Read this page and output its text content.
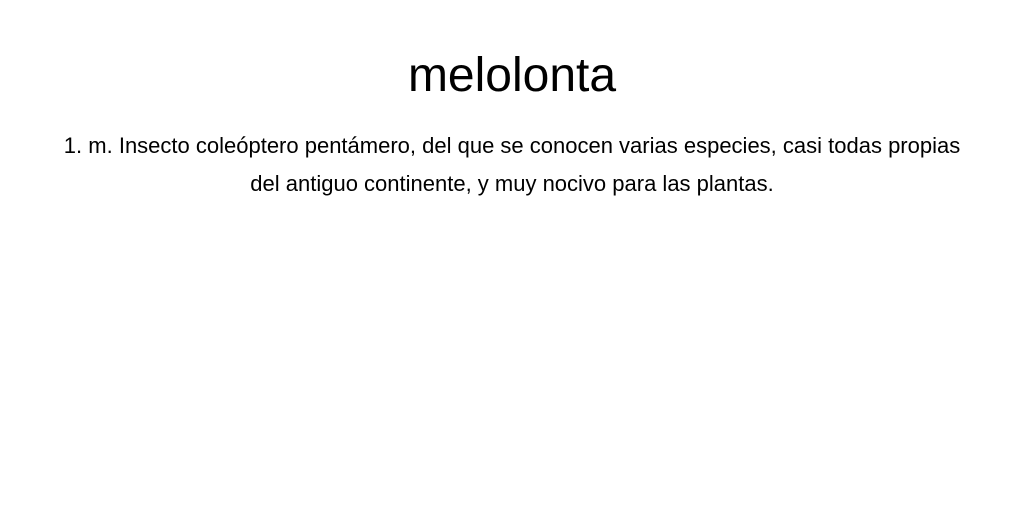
melolonta

1. m. Insecto coleóptero pentámero, del que se conocen varias especies, casi todas propias del antiguo continente, y muy nocivo para las plantas.
